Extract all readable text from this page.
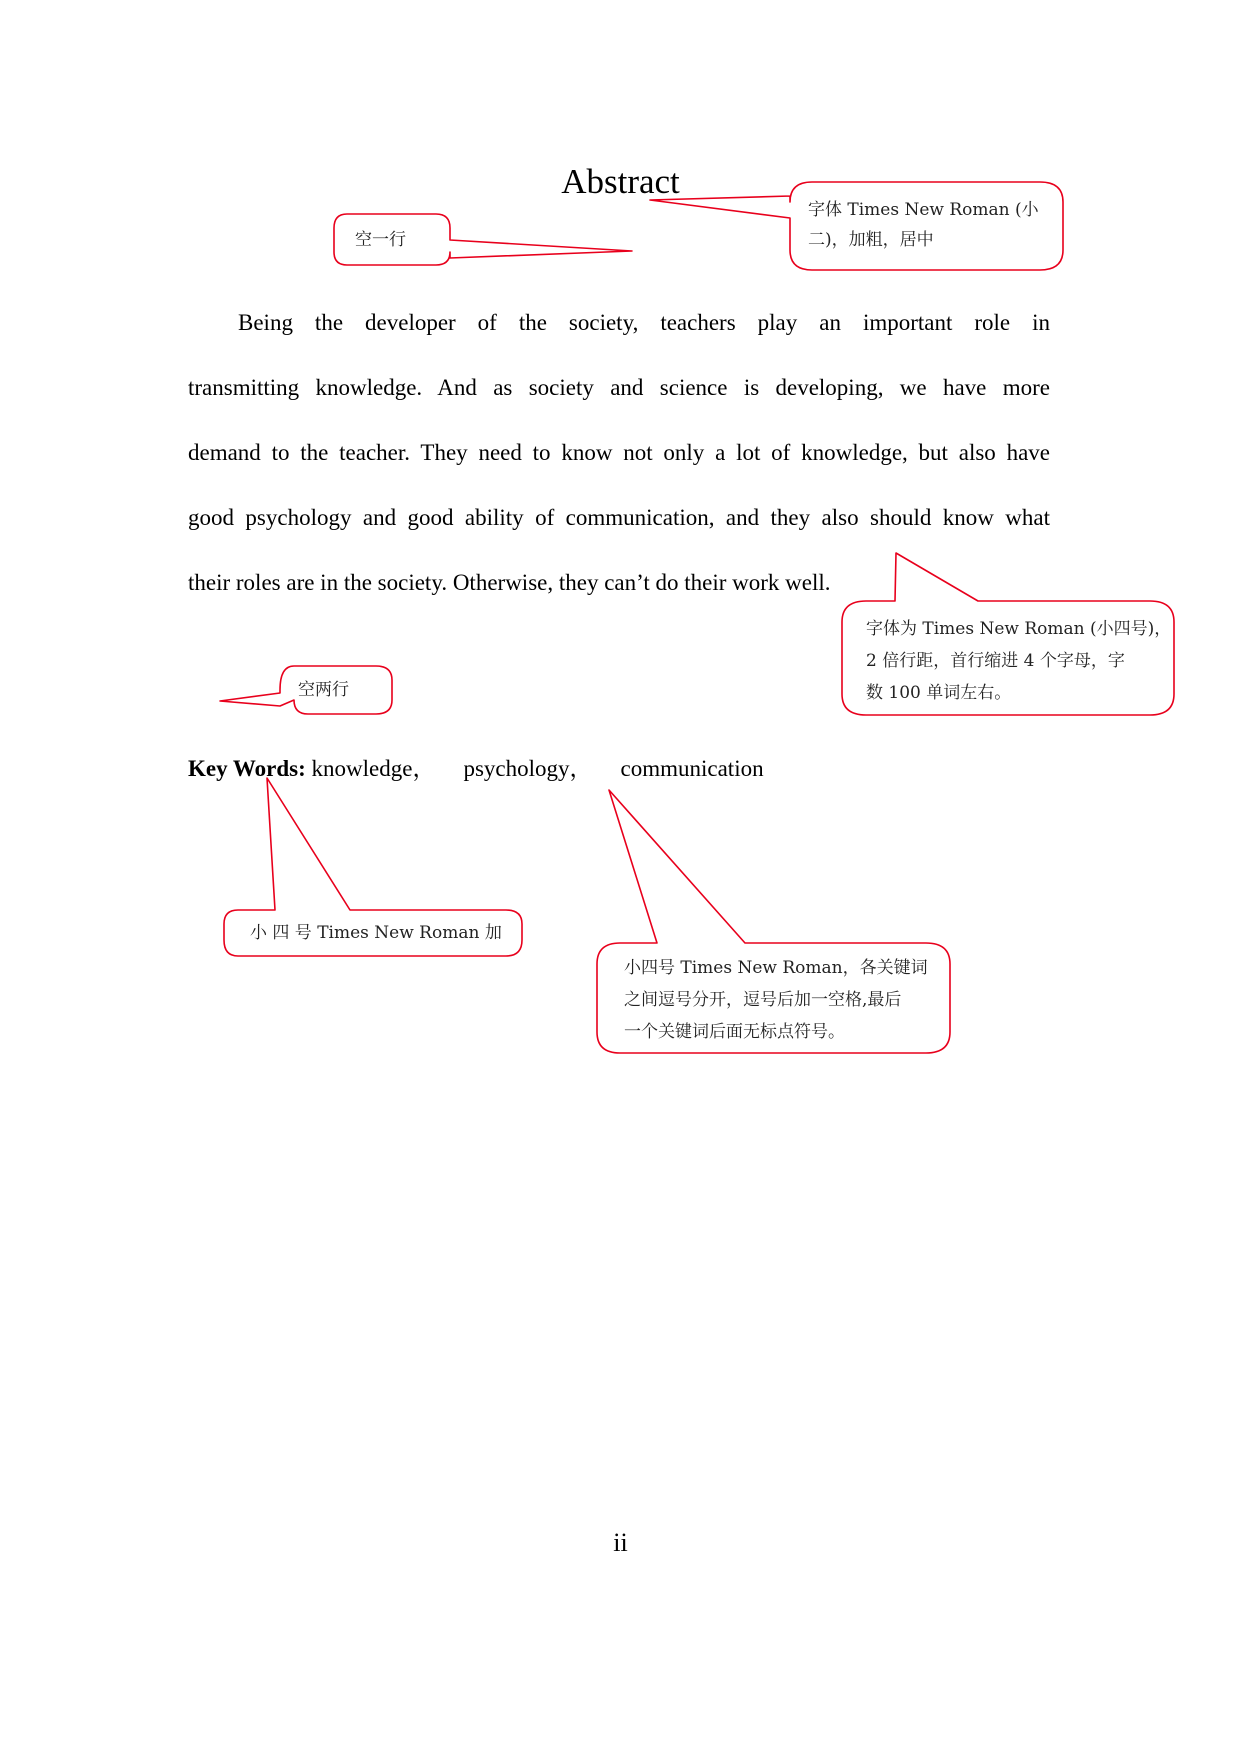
Abstract
Being the developer of the society, teachers play an important role in
transmitting knowledge. And as society and science is developing, we have more
demand to the teacher. They need to know not only a lot of knowledge, but also have
good psychology and good ability of communication, and they also should know what
their roles are in the society. Otherwise, they can’t do their work well.
Key Words: knowledge， psychology， communication
空一行
字体 Times New Roman (小
二)，加粗，居中
字体为 Times New Roman (小四号)，
2 倍行距，首行缩进 4 个字母，字
数 100 单词左右。
空两行
小 四 号 Times New Roman 加
小四号 Times New Roman，各关键词
之间逗号分开，逗号后加一空格,最后
一个关键词后面无标点符号。
ii
